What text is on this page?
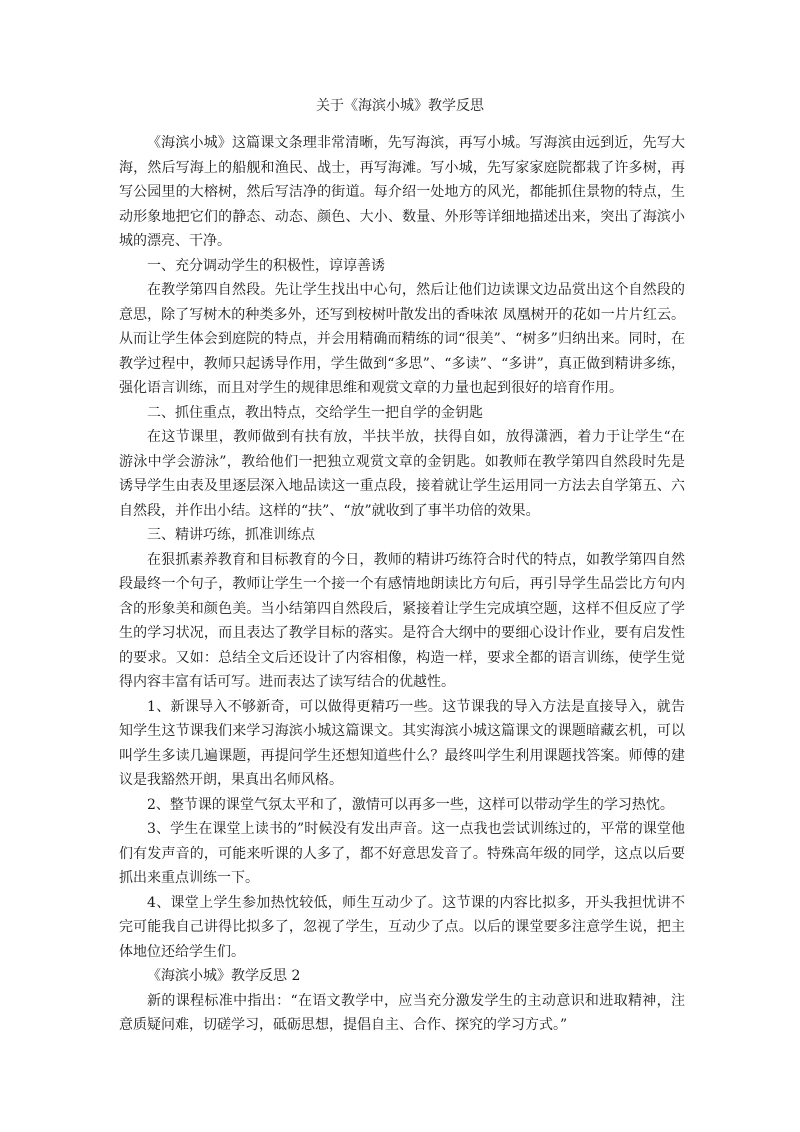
关于《海滨小城》教学反思

《海滨小城》这篇课文条理非常清晰，先写海滨，再写小城。写海滨由远到近，先写大海，然后写海上的船舰和渔民、战士，再写海滩。写小城，先写家家庭院都栽了许多树，再写公园里的大榕树，然后写洁净的街道。每介绍一处地方的风光，都能抓住景物的特点，生动形象地把它们的静态、动态、颜色、大小、数量、外形等详细地描述出来，突出了海滨小城的漂亮、干净。

一、充分调动学生的积极性，谆谆善诱

在教学第四自然段。先让学生找出中心句，然后让他们边读课文边品赏出这个自然段的意思，除了写树木的种类多外，还写到桉树叶散发出的香味浓 凤凰树开的花如一片片红云。从而让学生体会到庭院的特点，并会用精确而精练的词“很美”、“树多”归纳出来。同时，在教学过程中，教师只起诱导作用，学生做到“多思”、“多读”、“多讲”，真正做到精讲多练，强化语言训练，而且对学生的规律思维和观赏文章的力量也起到很好的培育作用。

二、抓住重点，教出特点，交给学生一把自学的金钥匙

在这节课里，教师做到有扶有放，半扶半放，扶得自如，放得潇洒，着力于让学生“在游泳中学会游泳”，教给他们一把独立观赏文章的金钥匙。如教师在教学第四自然段时先是诱导学生由表及里逐层深入地品读这一重点段，接着就让学生运用同一方法去自学第五、六自然段，并作出小结。这样的“扶”、“放”就收到了事半功倍的效果。

三、精讲巧练，抓准训练点

在狠抓素养教育和目标教育的今日，教师的精讲巧练符合时代的特点，如教学第四自然段最终一个句子，教师让学生一个接一个有感情地朗读比方句后，再引导学生品尝比方句内含的形象美和颜色美。当小结第四自然段后，紧接着让学生完成填空题，这样不但反应了学生的学习状况，而且表达了教学目标的落实。是符合大纲中的要细心设计作业，要有启发性的要求。又如：总结全文后还设计了内容相像，构造一样，要求全都的语言训练，使学生觉得内容丰富有话可写。进而表达了读写结合的优越性。

1、新课导入不够新奇，可以做得更精巧一些。这节课我的导入方法是直接导入，就告知学生这节课我们来学习海滨小城这篇课文。其实海滨小城这篇课文的课题暗藏玄机，可以叫学生多读几遍课题，再提问学生还想知道些什么？最终叫学生利用课题找答案。师傅的建议是我豁然开朗，果真出名师风格。

2、整节课的课堂气氛太平和了，激情可以再多一些，这样可以带动学生的学习热忱。

3、学生在课堂上读书的”时候没有发出声音。这一点我也尝试训练过的，平常的课堂他们有发声音的，可能来听课的人多了，都不好意思发音了。特殊高年级的同学，这点以后要抓出来重点训练一下。

4、课堂上学生参加热忱较低，师生互动少了。这节课的内容比拟多，开头我担忧讲不完可能我自己讲得比拟多了，忽视了学生，互动少了点。以后的课堂要多注意学生说，把主体地位还给学生们。

《海滨小城》教学反思 2

新的课程标准中指出：“在语文教学中，应当充分激发学生的主动意识和进取精神，注意质疑问难，切磋学习，砥砺思想，提倡自主、合作、探究的学习方式。”
